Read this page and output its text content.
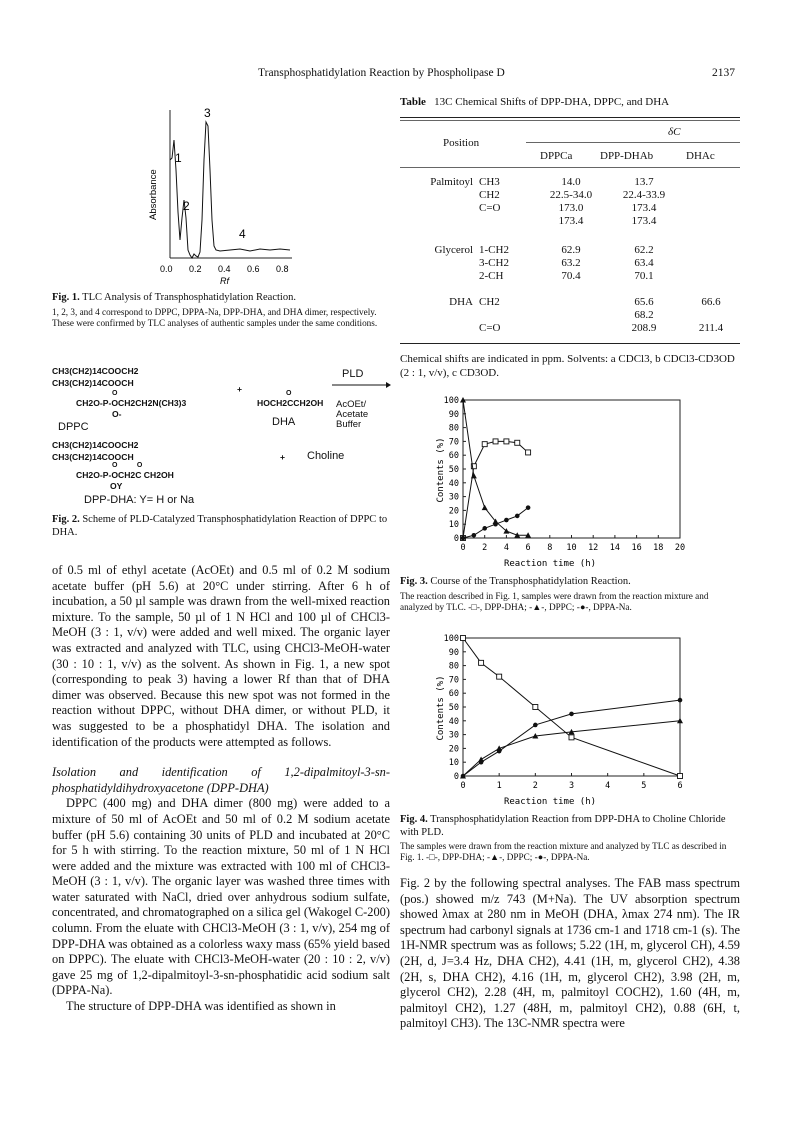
Transphosphatidylation Reaction by Phospholipase D	2137
1
2
3
4
Absorbance
0.0 0.2 0.4 0.6 0.8
Rf
Fig. 1. TLC Analysis of Transphosphatidylation Reaction.
1, 2, 3, and 4 correspond to DPPC, DPPA-Na, DPP-DHA, and DHA dimer, respectively. These were confirmed by TLC analyses of authentic samples under the same conditions.
CH3(CH2)14COOCH2
CH3(CH2)14COOCH
O
CH2O-P-OCH2CH2N(CH3)3
O-
DPPC
+	O
HOCH2CCH2OH
DHA
PLD
AcOEt/
Acetate
Buffer
CH3(CH2)14COOCH2
CH3(CH2)14COOCH
O          O
CH2O-P-OCH2C CH2OH
OY
+ Choline
DPP-DHA: Y= H or Na
Fig. 2. Scheme of PLD-Catalyzed Transphosphatidylation Reaction of DPPC to DHA.

of 0.5 ml of ethyl acetate (AcOEt) and 0.5 ml of 0.2 M sodium acetate buffer (pH 5.6) at 20°C under stirring. After 6 h of incubation, a 50 µl sample was drawn from the well-mixed reaction mixture. To the sample, 50 µl of 1 N HCl and 100 µl of CHCl3-MeOH (3 : 1, v/v) were added and well mixed. The organic layer was extracted and analyzed with TLC, using CHCl3-MeOH-water (30 : 10 : 1, v/v) as the solvent. As shown in Fig. 1, a new spot (corresponding to peak 3) having a lower Rf than that of DHA dimer was observed. Because this new spot was not formed in the reaction without DPPC, without DHA dimer, or without PLD, it was suggested to be a phosphatidyl DHA. The isolation and identification of the products were attempted as follows.

Isolation and identification of 1,2-dipalmitoyl-3-sn-phosphatidyldihydroxyacetone (DPP-DHA)

DPPC (400 mg) and DHA dimer (800 mg) were added to a mixture of 50 ml of AcOEt and 50 ml of 0.2 M sodium acetate buffer (pH 5.6) containing 30 units of PLD and incubated at 20°C for 5 h with stirring. To the reaction mixture, 50 ml of 1 N HCl were added and the mixture was extracted with 100 ml of CHCl3-MeOH (3 : 1, v/v). The organic layer was washed three times with water saturated with NaCl, dried over anhydrous sodium sulfate, concentrated, and chromatographed on a silica gel (Wakogel C-200) column. From the eluate with CHCl3-MeOH (3 : 1, v/v), 254 mg of DPP-DHA was obtained as a colorless waxy mass (65% yield based on DPPC). The eluate with CHCl3-MeOH-water (20 : 10 : 2, v/v) gave 25 mg of 1,2-dipalmitoyl-3-sn-phosphatidic acid sodium salt (DPPA-Na).

The structure of DPP-DHA was identified as shown in

Table 13C Chemical Shifts of DPP-DHA, DPPC, and DHA
δC
Position
DPPCa	DPP-DHAb	DHAc
Palmitoyl	CH3	14.0	13.7	
	CH2	22.5-34.0	22.4-33.9	
	C=O	173.0	173.4	
		173.4	173.4	

Glycerol	1-CH2	62.9	62.2	
	3-CH2	63.2	63.4	
	2-CH	70.4	70.1	

DHA	CH2		65.6	66.6
			68.2	
	C=O		208.9	211.4
Chemical shifts are indicated in ppm. Solvents: a CDCl3, b CDCl3-CD3OD (2 : 1, v/v), c CD3OD.
0
10
20
30
40
50
60
70
80
90
100
0 2 4 6 8 10 12 14 16 18 20
Reaction time (h)
Contents (%)
Fig. 3. Course of the Transphosphatidylation Reaction.
The reaction described in Fig. 1, samples were drawn from the reaction mixture and analyzed by TLC. -□-, DPP-DHA; -▲-, DPPC; -●-, DPPA-Na.
0
10
20
30
40
50
60
70
80
90
100
0	1	2	3	4	5	6
Reaction time (h)
Contents (%)
Fig. 4. Transphosphatidylation Reaction from DPP-DHA to Choline Chloride with PLD.
The samples were drawn from the reaction mixture and analyzed by TLC as described in Fig. 1. -□-, DPP-DHA; -▲-, DPPC; -●-, DPPA-Na.

Fig. 2 by the following spectral analyses. The FAB mass spectrum (pos.) showed m/z 743 (M+Na). The UV absorption spectrum showed λmax at 280 nm in MeOH (DHA, λmax 274 nm). The IR spectrum had carbonyl signals at 1736 cm-1 and 1718 cm-1 (s). The 1H-NMR spectrum was as follows; 5.22 (1H, m, glycerol CH), 4.59 (2H, d, J=3.4 Hz, DHA CH2), 4.41 (1H, m, glycerol CH2), 4.38 (2H, s, DHA CH2), 4.16 (1H, m, glycerol CH2), 3.98 (2H, m, glycerol CH2), 2.28 (4H, m, palmitoyl COCH2), 1.60 (4H, m, palmitoyl CH2), 1.27 (48H, m, palmitoyl CH2), 0.88 (6H, t, palmitoyl CH3). The 13C-NMR spectra were
